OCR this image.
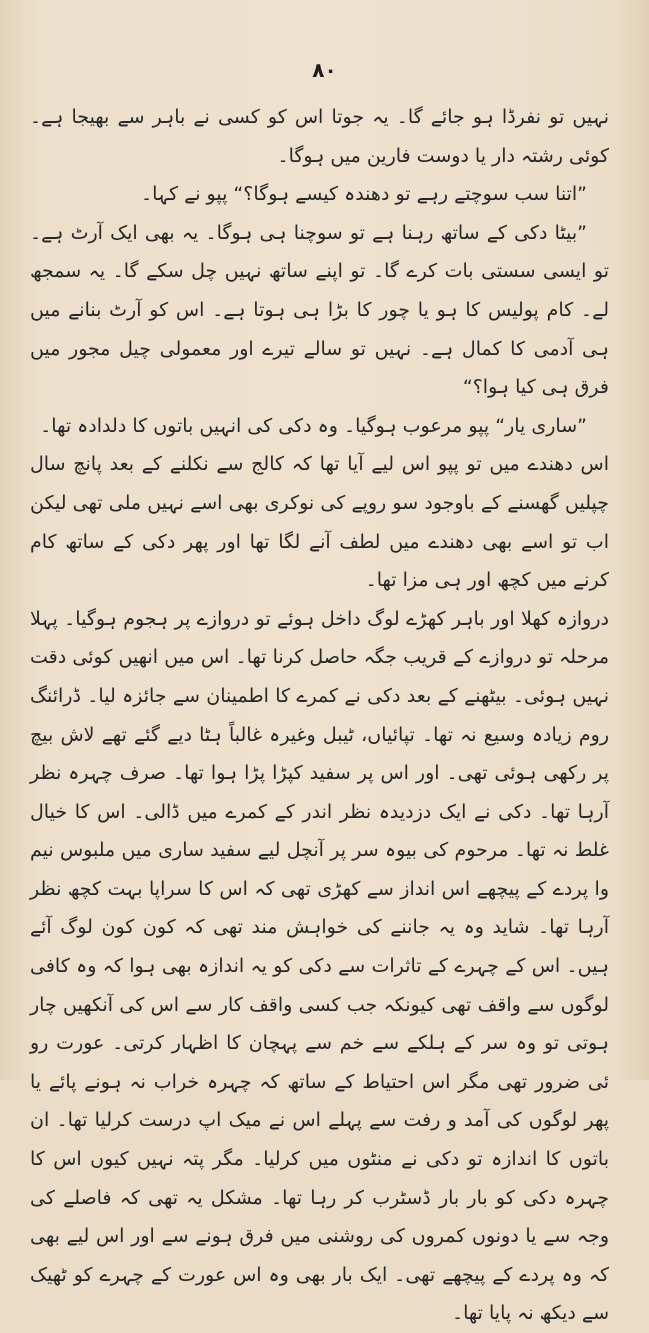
۸۰

نہیں تو نفرڈا ہو جائے گا۔ یہ جوتا اس کو کسی نے باہر سے بھیجا ہے۔ کوئی رشتہ دار یا دوست فارین میں ہوگا۔

”اتنا سب سوچتے رہے تو دھندہ کیسے ہوگا؟“ پپو نے کہا۔

”بیٹا دکی کے ساتھ رہنا ہے تو سوچنا ہی ہوگا۔ یہ بھی ایک آرٹ ہے۔ تو ایسی سستی بات کرے گا۔ تو اپنے ساتھ نہیں چل سکے گا۔ یہ سمجھ لے۔ کام پولیس کا ہو یا چور کا بڑا ہی ہوتا ہے۔ اس کو آرٹ بنانے میں ہی آدمی کا کمال ہے۔ نہیں تو سالے تیرے اور معمولی چیل مجور میں فرق ہی کیا ہوا؟“

”ساری یار“ پپو مرعوب ہوگیا۔ وہ دکی کی انہیں باتوں کا دلدادہ تھا۔

اس دھندے میں تو پپو اس لیے آیا تھا کہ کالج سے نکلنے کے بعد پانچ سال چپلیں گھسنے کے باوجود سو روپے کی نوکری بھی اسے نہیں ملی تھی لیکن اب تو اسے بھی دھندے میں لطف آنے لگا تھا اور پھر دکی کے ساتھ کام کرنے میں کچھ اور ہی مزا تھا۔

دروازہ کھلا اور باہر کھڑے لوگ داخل ہوئے تو دروازے پر ہجوم ہوگیا۔ پہلا مرحلہ تو دروازے کے قریب جگہ حاصل کرنا تھا۔ اس میں انھیں کوئی دقت نہیں ہوئی۔ بیٹھنے کے بعد دکی نے کمرے کا اطمینان سے جائزہ لیا۔ ڈرائنگ روم زیادہ وسیع نہ تھا۔ تپائیاں، ٹیبل وغیرہ غالباً ہٹا دیے گئے تھے لاش بیچ پر رکھی ہوئی تھی۔ اور اس پر سفید کپڑا پڑا ہوا تھا۔ صرف چہرہ نظر آرہا تھا۔ دکی نے ایک دزدیدہ نظر اندر کے کمرے میں ڈالی۔ اس کا خیال غلط نہ تھا۔ مرحوم کی بیوہ سر پر آنچل لیے سفید ساری میں ملبوس نیم وا پردے کے پیچھے اس انداز سے کھڑی تھی کہ اس کا سراپا بہت کچھ نظر آرہا تھا۔ شاید وہ یہ جاننے کی خواہش مند تھی کہ کون کون لوگ آئے ہیں۔ اس کے چہرے کے تاثرات سے دکی کو یہ اندازہ بھی ہوا کہ وہ کافی لوگوں سے واقف تھی کیونکہ جب کسی واقف کار سے اس کی آنکھیں چار ہوتی تو وہ سر کے ہلکے سے خم سے پہچان کا اظہار کرتی۔ عورت رو ئی ضرور تھی مگر اس احتیاط کے ساتھ کہ چہرہ خراب نہ ہونے پائے یا پھر لوگوں کی آمد و رفت سے پہلے اس نے میک اپ درست کرلیا تھا۔ ان باتوں کا اندازہ تو دکی نے منٹوں میں کرلیا۔ مگر پتہ نہیں کیوں اس کا چہرہ دکی کو بار بار ڈسٹرب کر رہا تھا۔ مشکل یہ تھی کہ فاصلے کی وجہ سے یا دونوں کمروں کی روشنی میں فرق ہونے سے اور اس لیے بھی کہ وہ پردے کے پیچھے تھی۔ ایک بار بھی وہ اس عورت کے چہرے کو ٹھیک سے دیکھ نہ پایا تھا۔
